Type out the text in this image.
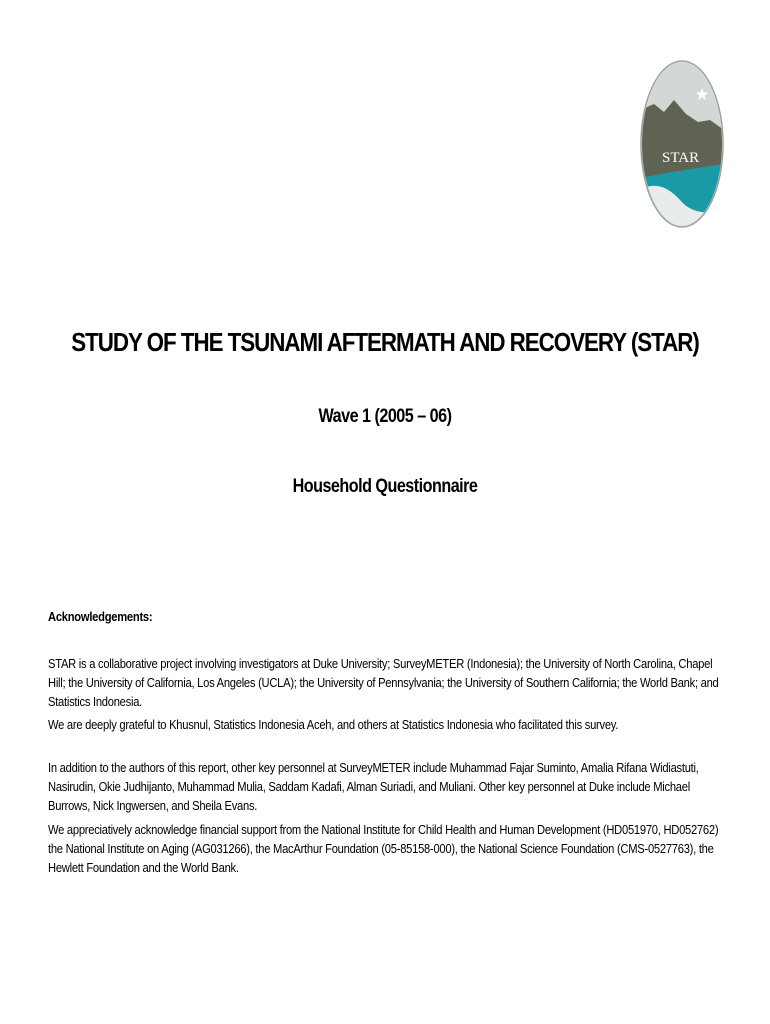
STAR
STUDY OF THE TSUNAMI AFTERMATH AND RECOVERY (STAR)

Wave 1 (2005 – 06)

Household Questionnaire

Acknowledgements:

STAR is a collaborative project involving investigators at Duke University; SurveyMETER (Indonesia); the University of North Carolina, Chapel Hill; the University of California, Los Angeles (UCLA); the University of Pennsylvania; the University of Southern California; the World Bank; and Statistics Indonesia.

We are deeply grateful to Khusnul, Statistics Indonesia Aceh, and others at Statistics Indonesia who facilitated this survey.

In addition to the authors of this report, other key personnel at SurveyMETER include Muhammad Fajar Suminto, Amalia Rifana Widiastuti, Nasirudin, Okie Judhijanto, Muhammad Mulia, Saddam Kadafi, Alman Suriadi, and Muliani. Other key personnel at Duke include Michael Burrows, Nick Ingwersen, and Sheila Evans.

We appreciatively acknowledge financial support from the National Institute for Child Health and Human Development (HD051970, HD052762) the National Institute on Aging (AG031266), the MacArthur Foundation (05-85158-000), the National Science Foundation (CMS-0527763), the Hewlett Foundation and the World Bank.
